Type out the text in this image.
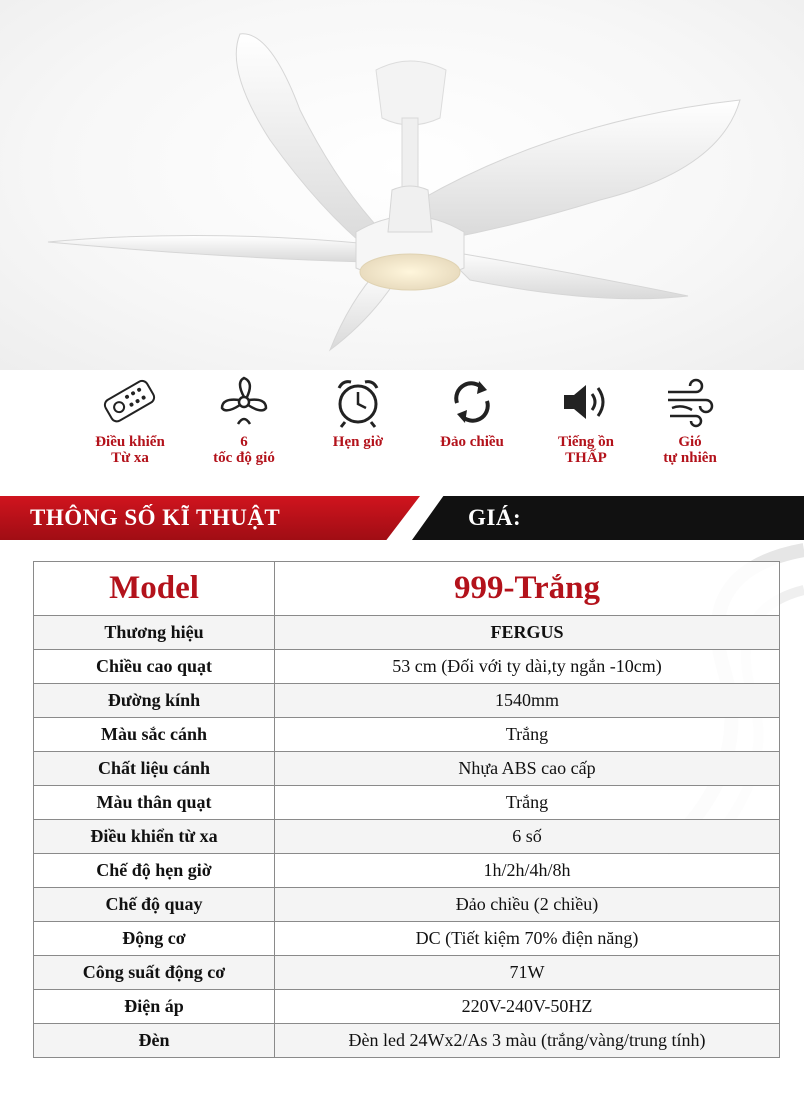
Điều khiển
Từ xa
6
tốc độ gió
Hẹn giờ	Đảo chiều	Tiếng ồn
THẤP
Gió
tự nhiên
THÔNG SỐ KĨ THUẬT	GIÁ:
Model	999-Trắng
Thương hiệu	FERGUS
Chiều cao quạt	53 cm (Đối với ty dài,ty ngắn -10cm)
Đường kính	1540mm
Màu sắc cánh	Trắng
Chất liệu cánh	Nhựa ABS cao cấp
Màu thân quạt	Trắng
Điều khiển từ xa	6 số
Chế độ hẹn giờ	1h/2h/4h/8h
Chế độ quay	Đảo chiều (2 chiều)
Động cơ	DC (Tiết kiệm 70% điện năng)
Công suất động cơ	71W
Điện áp	220V-240V-50HZ
Đèn	Đèn led 24Wx2/As 3 màu (trắng/vàng/trung tính)
